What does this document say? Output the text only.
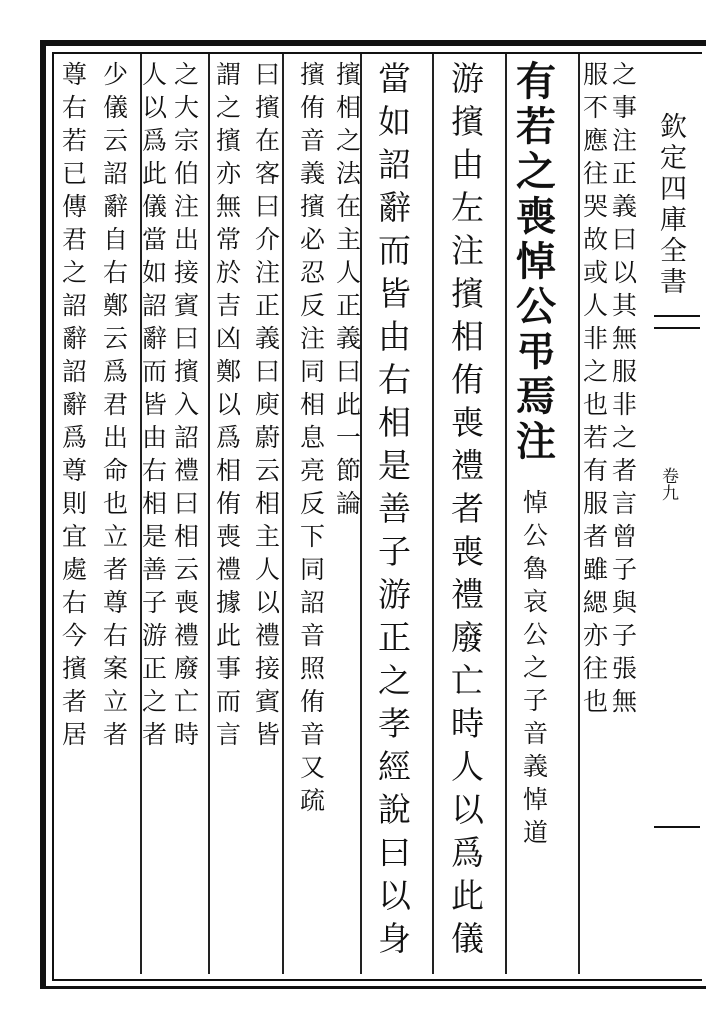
欽
定
四
庫
全
書
卷
九
之
事
注
正
義
曰
以
其
無
服
非
之
者
言
曾
子
與
子
張
無
服
不
應
往
哭
故
或
人
非
之
也
若
有
服
者
雖
緦
亦
往
也
有
若
之
喪
悼
公
弔
焉
注
悼
公
魯
哀
公
之
子
音
義
悼
道
游
擯
由
左
注
擯
相
侑
喪
禮
者
喪
禮
廢
亡
時
人
以
爲
此
儀
當
如
詔
辭
而
皆
由
右
相
是
善
子
游
正
之
孝
經
說
曰
以
身
擯
侑
音
義
擯
必
忍
反
注
同
相
息
亮
反
下
同
詔
音
照
侑
音
又
疏
擯
相
之
法
在
主
人
正
義
曰
此
一
節
論
曰
擯
在
客
曰
介
注
正
義
曰
庾
蔚
云
相
主
人
以
禮
接
賓
皆
謂
之
擯
亦
無
常
於
吉
凶
鄭
以
爲
相
侑
喪
禮
據
此
事
而
言
之
大
宗
伯
注
出
接
賓
曰
擯
入
詔
禮
曰
相
云
喪
禮
廢
亡
時
人
以
爲
此
儀
當
如
詔
辭
而
皆
由
右
相
是
善
子
游
正
之
者
少
儀
云
詔
辭
自
右
鄭
云
爲
君
出
命
也
立
者
尊
右
案
立
者
尊
右
若
已
傳
君
之
詔
辭
詔
辭
爲
尊
則
宜
處
右
今
擯
者
居
